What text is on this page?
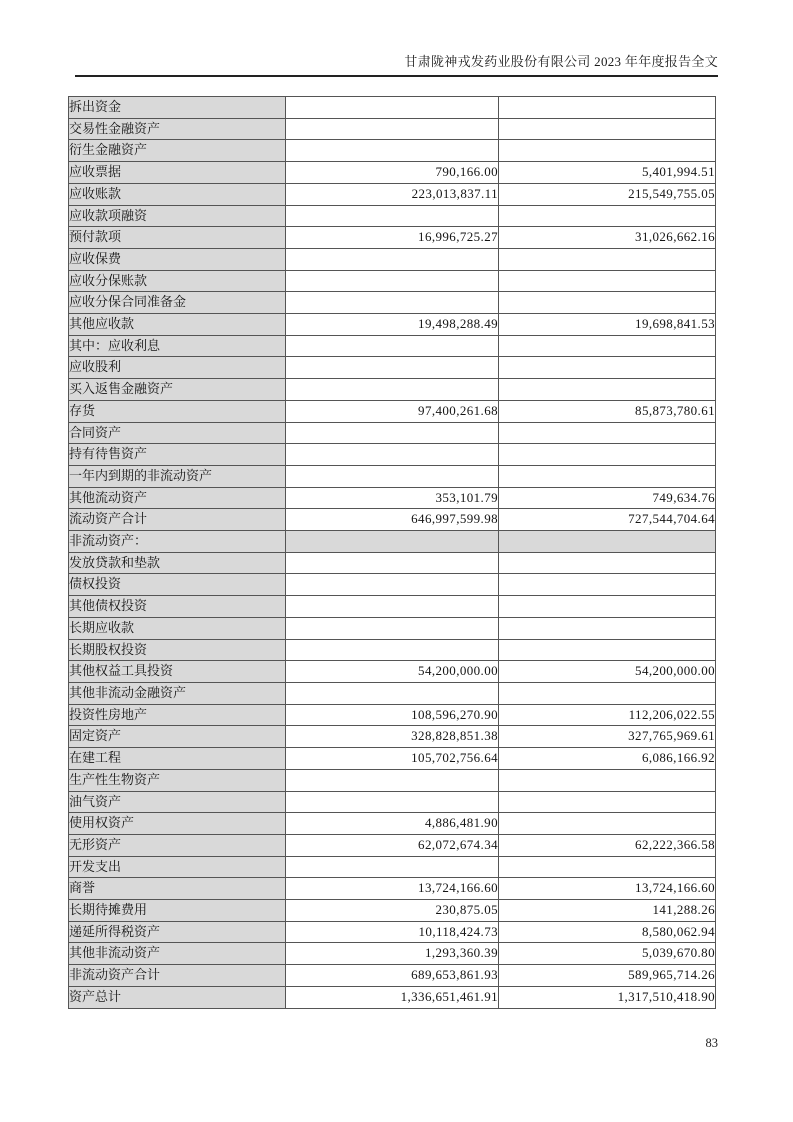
甘肃陇神戎发药业股份有限公司 2023 年年度报告全文
拆出资金		
交易性金融资产		
衍生金融资产		
应收票据	790,166.00	5,401,994.51
应收账款	223,013,837.11	215,549,755.05
应收款项融资		
预付款项	16,996,725.27	31,026,662.16
应收保费		
应收分保账款		
应收分保合同准备金		
其他应收款	19,498,288.49	19,698,841.53
其中：应收利息		
应收股利		
买入返售金融资产		
存货	97,400,261.68	85,873,780.61
合同资产		
持有待售资产		
一年内到期的非流动资产		
其他流动资产	353,101.79	749,634.76
流动资产合计	646,997,599.98	727,544,704.64
非流动资产：		
发放贷款和垫款		
债权投资		
其他债权投资		
长期应收款		
长期股权投资		
其他权益工具投资	54,200,000.00	54,200,000.00
其他非流动金融资产		
投资性房地产	108,596,270.90	112,206,022.55
固定资产	328,828,851.38	327,765,969.61
在建工程	105,702,756.64	6,086,166.92
生产性生物资产		
油气资产		
使用权资产	4,886,481.90	
无形资产	62,072,674.34	62,222,366.58
开发支出		
商誉	13,724,166.60	13,724,166.60
长期待摊费用	230,875.05	141,288.26
递延所得税资产	10,118,424.73	8,580,062.94
其他非流动资产	1,293,360.39	5,039,670.80
非流动资产合计	689,653,861.93	589,965,714.26
资产总计	1,336,651,461.91	1,317,510,418.90
83
